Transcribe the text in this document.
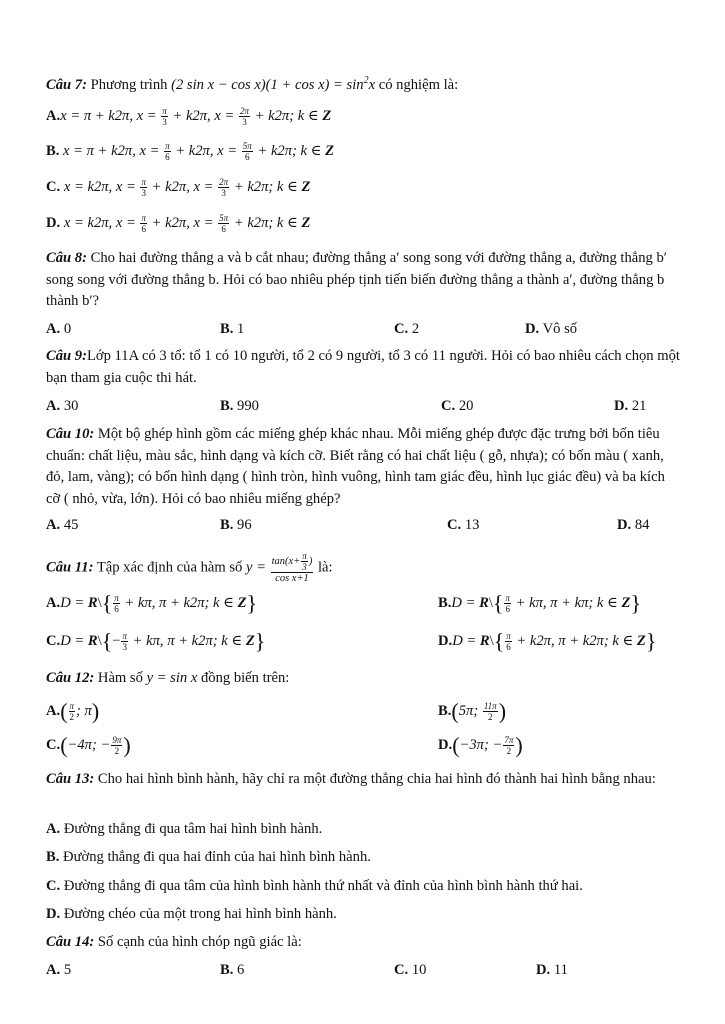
Câu 7: Phương trình (2 $\sin x - \cos x)(1 + \cos x) = \sin^2x$ có nghiệm là:
A.x = π + k2π, $x = \frac{\pi}{3} + k2\pi$, $x = \frac{2\pi}{3} + k2\pi$; k ∈ Z
B. x = π + k2π, $x = \frac{\pi}{6} + k2\pi$, $x = \frac{5\pi}{6} + k2\pi$; k ∈ Z
C. x = k2π, $x = \frac{\pi}{3} + k2\pi$, $x = \frac{2\pi}{3} + k2\pi$; k ∈ Z
D. x = k2π, $x = \frac{\pi}{6} + k2\pi$, $x = \frac{5\pi}{6} + k2\pi$; k ∈ Z
Câu 8: Cho hai đường thẳng a và b cắt nhau; đường thẳng a′ song song với đường thẳng a, đường thẳng b′ song song với đường thẳng b. Hỏi có bao nhiêu phép tịnh tiến biến đường thẳng a thành a′, đường thẳng b thành b′?
A. 0	B. 1	C. 2	D. Vô số
Câu 9:Lớp 11A có 3 tổ: tổ 1 có 10 người, tổ 2 có 9 người, tổ 3 có 11 người. Hỏi có bao nhiêu cách chọn một bạn tham gia cuộc thi hát.
A. 30	B. 990	C. 20	D. 21
Câu 10: Một bộ ghép hình gồm các miếng ghép khác nhau. Mỗi miếng ghép được đặc trưng bởi bốn tiêu chuẩn: chất liệu, màu sắc, hình dạng và kích cỡ. Biết rằng có hai chất liệu ( gỗ, nhựa); có bốn màu ( xanh, đỏ, lam, vàng); có bốn hình dạng ( hình tròn, hình vuông, hình tam giác đều, hình lục giác đều) và ba kích cỡ ( nhỏ, vừa, lớn). Hỏi có bao nhiêu miếng ghép?
A. 45	B. 96	C. 13	D. 84
Câu 11: Tập xác định của hàm số $y = \frac{\tan(x+ \frac{\pi}{3} )}{\text{cos x+1}}$ là:
A.D = R\{ $\frac{\pi}{6} + k\pi$, π + k2π; k ∈ Z}	B.D = R\{ $\frac{\pi}{6} + k\pi$, π + kπ; k ∈ Z}
C.D = R\{− $\frac{\pi}{3} + k\pi$, π + k2π; k ∈ Z}	D.D = R\{ $\frac{\pi}{6} + k2\pi$, π + k2π; k ∈ Z}
Câu 12: Hàm số y = sin x đồng biến trên:
$A.( \frac{\pi}{2}$ ; π)	B.(5π; $\frac{11\pi}{2}$ )
C.(−4π; − $\frac{9\pi}{2}$ )	D.(−3π; − $\frac{7\pi}{2}$ )
Câu 13: Cho hai hình bình hành, hãy chỉ ra một đường thẳng chia hai hình đó thành hai hình bằng nhau:
A. Đường thẳng đi qua tâm hai hình bình hành.
B. Đường thẳng đi qua hai đỉnh của hai hình bình hành.
C. Đường thẳng đi qua tâm của hình bình hành thứ nhất và đỉnh của hình bình hành thứ hai.
D. Đường chéo của một trong hai hình bình hành.
Câu 14: Số cạnh của hình chóp ngũ giác là:
A. 5	B. 6	C. 10	D. 11
